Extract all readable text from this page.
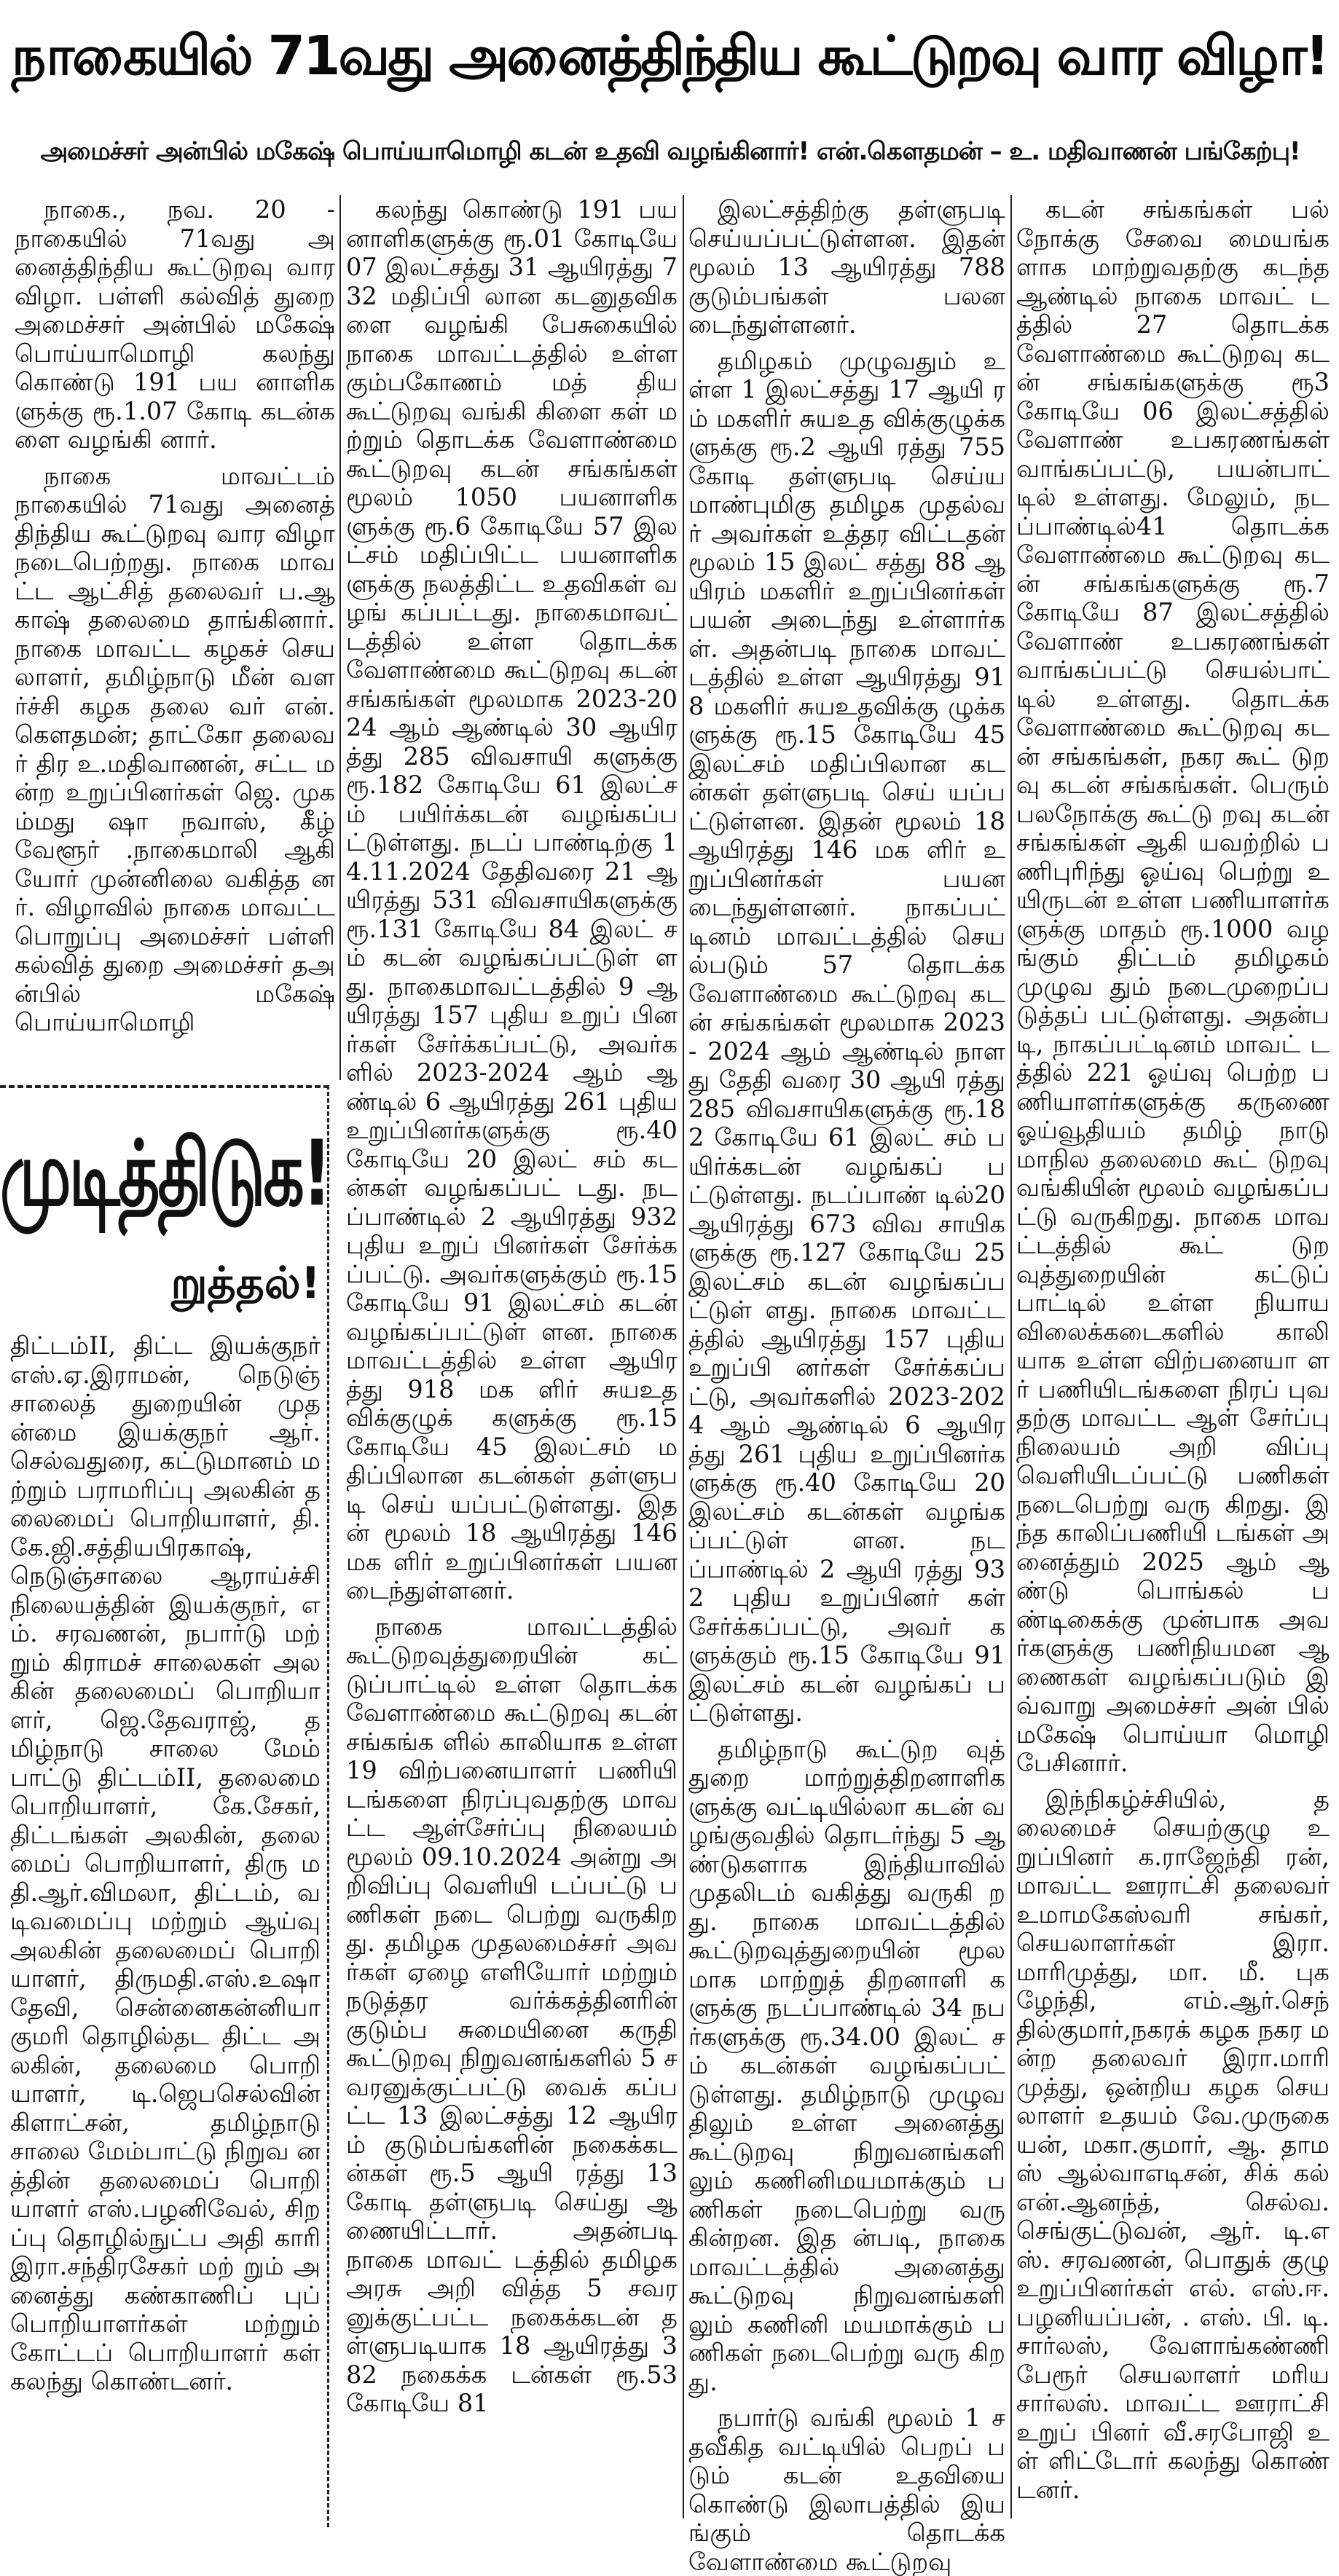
நாகையில் 71வது அனைத்திந்திய கூட்டுறவு வார விழா!
அமைச்சர் அன்பில் மகேஷ் பொய்யாமொழி கடன் உதவி வழங்கினார்! என்.கௌதமன் – உ. மதிவாணன் பங்கேற்பு!

நாகை., நவ. 20 - நாகையில் 71வது அனைத்திந்திய கூட்டுறவு வார விழா. பள்ளி கல்வித் துறை அமைச்சர் அன்பில் மகேஷ் பொய்யாமொழி கலந்து கொண்டு 191 பய னாளிகளுக்கு ரூ.1.07 கோடி கடன்களை வழங்கி னார்.

நாகை மாவட்டம் நாகையில் 71வது அனைத் திந்திய கூட்டுறவு வார விழா நடைபெற்றது. நாகை மாவட்ட ஆட்சித் தலைவர் ப.ஆகாஷ் தலைமை தாங்கினார். நாகை மாவட்ட கழகச் செயலாளர், தமிழ்நாடு மீன் வளர்ச்சி கழக தலை வர் என்.கௌதமன்; தாட்கோ தலைவர் திர உ.மதிவாணன், சட்ட மன்ற உறுப்பினர்கள் ஜெ. முகம்மது ஷா நவாஸ், கீழ் வேளூர் .நாகைமாலி ஆகி யோர் முன்னிலை வகித்த னர். விழாவில் நாகை மாவட்ட பொறுப்பு அமைச்சர் பள்ளி கல்வித் துறை அமைச்சர் தஅன்பில் மகேஷ் பொய்யாமொழி

கலந்து கொண்டு 191 பய னாளிகளுக்கு ரூ.01 கோடியே 07 இலட்சத்து 31 ஆயிரத்து 732 மதிப்பி லான கடனுதவிகளை வழங்கி பேசுகையில் நாகை மாவட்டத்தில் உள்ள கும்பகோணம் மத் திய கூட்டுறவு வங்கி கிளை கள் மற்றும் தொடக்க வேளாண்மை கூட்டுறவு கடன் சங்கங்கள் மூலம் 1050 பயனாளிகளுக்கு ரூ.6 கோடியே 57 இலட்சம் மதிப்பிட்ட பயனாளிகளுக்கு நலத்திட்ட உதவிகள் வழங் கப்பட்டது. நாகைமாவட் டத்தில் உள்ள தொடக்க வேளாண்மை கூட்டுறவு கடன் சங்கங்கள் மூலமாக 2023-2024 ஆம் ஆண்டில் 30 ஆயிரத்து 285 விவசாயி களுக்கு ரூ.182 கோடியே 61 இலட்சம் பயிர்க்கடன் வழங்கப்பட்டுள்ளது. நடப் பாண்டிற்கு 14.11.2024 தேதிவரை 21 ஆயிரத்து 531 விவசாயிகளுக்கு ரூ.131 கோடியே 84 இலட் சம் கடன் வழங்கப்பட்டுள் ளது. நாகைமாவட்டத்தில் 9 ஆயிரத்து 157 புதிய உறுப் பினர்கள் சேர்க்கப்பட்டு, அவர்களில் 2023-2024 ஆம் ஆண்டில் 6 ஆயிரத்து 261 புதிய உறுப்பினர்களுக்கு ரூ.40 கோடியே 20 இலட் சம் கடன்கள் வழங்கப்பட் டது. நடப்பாண்டில் 2 ஆயிரத்து 932 புதிய உறுப் பினர்கள் சேர்க்கப்பட்டு. அவர்களுக்கும் ரூ.15 கோடியே 91 இலட்சம் கடன் வழங்கப்பட்டுள் ளன. நாகை மாவட்டத்தில் உள்ள ஆயிரத்து 918 மக ளிர் சுயஉதவிக்குழுக் களுக்கு ரூ.15 கோடியே 45 இலட்சம் மதிப்பிலான கடன்கள் தள்ளுபடி செய் யப்பட்டுள்ளது. இதன் மூலம் 18 ஆயிரத்து 146 மக ளிர் உறுப்பினர்கள் பயன டைந்துள்ளனர்.

நாகை மாவட்டத்தில் கூட்டுறவுத்துறையின் கட் டுப்பாட்டில் உள்ள தொடக்க வேளாண்மை கூட்டுறவு கடன் சங்கங்க ளில் காலியாக உள்ள 19 விற்பனையாளர் பணியி டங்களை நிரப்புவதற்கு மாவட்ட ஆள்சேர்ப்பு நிலையம் மூலம் 09.10.2024 அன்று அறிவிப்பு வெளியி டப்பட்டு பணிகள் நடை பெற்று வருகிறது. தமிழக முதலமைச்சர் அவர்கள் ஏழை எளியோர் மற்றும் நடுத்தர வர்க்கத்தினரின் குடும்ப சுமையினை கருதி கூட்டுறவு நிறுவனங்களில் 5 சவரனுக்குட்பட்டு வைக் கப்பட்ட 13 இலட்சத்து 12 ஆயிரம் குடும்பங்களின் நகைக்கடன்கள் ரூ.5 ஆயி ரத்து 13 கோடி தள்ளுபடி செய்து ஆணையிட்டார். அதன்படி நாகை மாவட் டத்தில் தமிழக அரசு அறி வித்த 5 சவரனுக்குட்பட்ட நகைக்கடன் தள்ளுபடியாக 18 ஆயிரத்து 382 நகைக்க டன்கள் ரூ.53 கோடியே 81

இலட்சத்திற்கு தள்ளுபடி செய்யப்பட்டுள்ளன. இதன் மூலம் 13 ஆயிரத்து 788 குடும்பங்கள் பலன டைந்துள்ளனர்.

தமிழகம் முழுவதும் உள்ள 1 இலட்சத்து 17 ஆயி ரம் மகளிர் சுயஉத விக்குழுக்களுக்கு ரூ.2 ஆயி ரத்து 755 கோடி தள்ளுபடி செய்ய மாண்புமிகு தமிழக முதல்வர் அவர்கள் உத்தர விட்டதன் மூலம் 15 இலட் சத்து 88 ஆயிரம் மகளிர் உறுப்பினர்கள் பயன் அடைந்து உள்ளார்கள். அதன்படி நாகை மாவட் டத்தில் உள்ள ஆயிரத்து 918 மகளிர் சுயஉதவிக்கு ழுக்களுக்கு ரூ.15 கோடியே 45 இலட்சம் மதிப்பிலான கடன்கள் தள்ளுபடி செய் யப்பட்டுள்ளன. இதன் மூலம் 18 ஆயிரத்து 146 மக ளிர் உறுப்பினர்கள் பயன டைந்துள்ளனர். நாகப்பட் டினம் மாவட்டத்தில் செயல்படும் 57 தொடக்க வேளாண்மை கூட்டுறவு கடன் சங்கங்கள் மூலமாக 2023 - 2024 ஆம் ஆண்டில் நாளது தேதி வரை 30 ஆயி ரத்து 285 விவசாயிகளுக்கு ரூ.182 கோடியே 61 இலட் சம் பயிர்க்கடன் வழங்கப் பட்டுள்ளது. நடப்பாண் டில்20 ஆயிரத்து 673 விவ சாயிகளுக்கு ரூ.127 கோடியே 25 இலட்சம் கடன் வழங்கப்பட்டுள் ளது. நாகை மாவட்டத்தில் ஆயிரத்து 157 புதிய உறுப்பி னர்கள் சேர்க்கப்பட்டு, அவர்களில் 2023-2024 ஆம் ஆண்டில் 6 ஆயிரத்து 261 புதிய உறுப்பினர்களுக்கு ரூ.40 கோடியே 20 இலட்சம் கடன்கள் வழங்கப்பட்டுள் ளன. நடப்பாண்டில் 2 ஆயி ரத்து 932 புதிய உறுப்பினர் கள் சேர்க்கப்பட்டு, அவர் களுக்கும் ரூ.15 கோடியே 91 இலட்சம் கடன் வழங்கப் பட்டுள்ளது.

தமிழ்நாடு கூட்டுற வுத் துறை மாற்றுத்திறனாளிக ளுக்கு வட்டியில்லா கடன் வழங்குவதில் தொடர்ந்து 5 ஆண்டுகளாக இந்தியாவில் முதலிடம் வகித்து வருகி றது. நாகை மாவட்டத்தில் கூட்டுறவுத்துறையின் மூல மாக மாற்றுத் திறனாளி களுக்கு நடப்பாண்டில் 34 நபர்களுக்கு ரூ.34.00 இலட் சம் கடன்கள் வழங்கப்பட் டுள்ளது. தமிழ்நாடு முழுவ திலும் உள்ள அனைத்து கூட்டுறவு நிறுவனங்களி லும் கணினிமயமாக்கும் பணிகள் நடைபெற்று வரு கின்றன. இத ன்படி, நாகை மாவட்டத்தில் அனைத்து கூட்டுறவு நிறுவனங்களி லும் கணினி மயமாக்கும் பணிகள் நடைபெற்று வரு கிறது.

நபார்டு வங்கி மூலம் 1 சதவீகித வட்டியில் பெறப் படும் கடன் உதவியை கொண்டு இலாபத்தில் இயங்கும் தொடக்க வேளாண்மை கூட்டுறவு

கடன் சங்கங்கள் பல் நோக்கு சேவை மையங்க ளாக மாற்றுவதற்கு கடந்த ஆண்டில் நாகை மாவட் டத்தில் 27 தொடக்க வேளாண்மை கூட்டுறவு கடன் சங்கங்களுக்கு ரூ3 கோடியே 06 இலட்சத்தில் வேளாண் உபகரணங்கள் வாங்கப்பட்டு, பயன்பாட் டில் உள்ளது. மேலும், நடப்பாண்டில்41 தொடக்க வேளாண்மை கூட்டுறவு கடன் சங்கங்களுக்கு ரூ.7 கோடியே 87 இலட்சத்தில் வேளாண் உபகரணங்கள் வாங்கப்பட்டு செயல்பாட் டில் உள்ளது. தொடக்க வேளாண்மை கூட்டுறவு கடன் சங்கங்கள், நகர கூட் டுறவு கடன் சங்கங்கள். பெரும் பலநோக்கு கூட்டு றவு கடன் சங்கங்கள் ஆகி யவற்றில் பணிபுரிந்து ஓய்வு பெற்று உயிருடன் உள்ள பணியாளர்களுக்கு மாதம் ரூ.1000 வழங்கும் திட்டம் தமிழகம் முழுவ தும் நடைமுறைப்படுத்தப் பட்டுள்ளது. அதன்படி, நாகப்பட்டினம் மாவட் டத்தில் 221 ஓய்வு பெற்ற பணியாளர்களுக்கு கருணை ஓய்வூதியம் தமிழ் நாடு மாநில தலைமை கூட் டுறவு வங்கியின் மூலம் வழங்கப்பட்டு வருகிறது. நாகை மாவட்டத்தில் கூட் டுறவுத்துறையின் கட்டுப் பாட்டில் உள்ள நியாய விலைக்கடைகளில் காலி யாக உள்ள விற்பனையா ளர் பணியிடங்களை நிரப் புவதற்கு மாவட்ட ஆள் சேர்ப்பு நிலையம் அறி விப்பு வெளியிடப்பட்டு பணிகள் நடைபெற்று வரு கிறது. இந்த காலிப்பணியி டங்கள் அனைத்தும் 2025 ஆம் ஆண்டு பொங்கல் பண்டிகைக்கு முன்பாக அவர்களுக்கு பணிநியமன ஆணைகள் வழங்கப்படும் இவ்வாறு அமைச்சர் அன் பில் மகேஷ் பொய்யா மொழி பேசினார்.

இந்நிகழ்ச்சியில், தலைமைச் செயற்குழு உறுப்பினர் க.ராஜேந்தி ரன், மாவட்ட ஊராட்சி தலைவர் உமாமகேஸ்வரி சங்கர், செயலாளர்கள் இரா.மாரிமுத்து, மா. மீ. புகழேந்தி, எம்.ஆர்.செந் தில்குமார்,நகரக் கழக நகர மன்ற தலைவர் இரா.மாரி முத்து, ஒன்றிய கழக செய லாளர் உதயம் வே.முருகை யன், மகா.குமார், ஆ. தாமஸ் ஆல்வாஎடிசன், சிக் கல் என்.ஆனந்த், செல்வ. செங்குட்டுவன், ஆர். டி.எஸ். சரவணன், பொதுக் குழு உறுப்பினர்கள் எல். எஸ்.ஈ. பழனியப்பன், . எஸ். பி. டி. சார்லஸ், வேளாங்கண்ணி பேரூர் செயலாளர் மரிய சார்லஸ். மாவட்ட ஊராட்சி உறுப் பினர் வீ.சரபோஜி உள் ளிட்டோர் கலந்து கொண் டனர்.

முடித்திடுக!
றுத்தல்!
திட்டம்II, திட்ட இயக்குநர் எஸ்.ஏ.இராமன், நெடுஞ் சாலைத் துறையின் முதன்மை இயக்குநர் ஆர். செல்வதுரை, கட்டுமானம் மற்றும் பராமரிப்பு அலகின் தலைமைப் பொறியாளர், தி. கே.ஜி.சத்தியபிரகாஷ், நெடுஞ்சாலை ஆராய்ச்சி நிலையத்தின் இயக்குநர், எம். சரவணன், நபார்டு மற் றும் கிராமச் சாலைகள் அல கின் தலைமைப் பொறியா ளர், ஜெ.தேவராஜ், தமிழ்நாடு சாலை மேம் பாட்டு திட்டம்II, தலைமை பொறியாளர், கே.சேகர், திட்டங்கள் அலகின், தலை மைப் பொறியாளர், திரு மதி.ஆர்.விமலா, திட்டம், வடிவமைப்பு மற்றும் ஆய்வு அலகின் தலைமைப் பொறி யாளர், திருமதி.எஸ்.உஷா தேவி, சென்னைகன்னியா குமரி தொழில்தட திட்ட அலகின், தலைமை பொறி யாளர், டி.ஜெபசெல்வின் கிளாட்சன், தமிழ்நாடு சாலை மேம்பாட்டு நிறுவ னத்தின் தலைமைப் பொறி யாளர் எஸ்.பழனிவேல், சிறப்பு தொழில்நுட்ப அதி காரி இரா.சந்திரசேகர் மற் றும் அனைத்து கண்காணிப் புப் பொறியாளர்கள் மற்றும் கோட்டப் பொறியாளர் கள் கலந்து கொண்டனர்.
